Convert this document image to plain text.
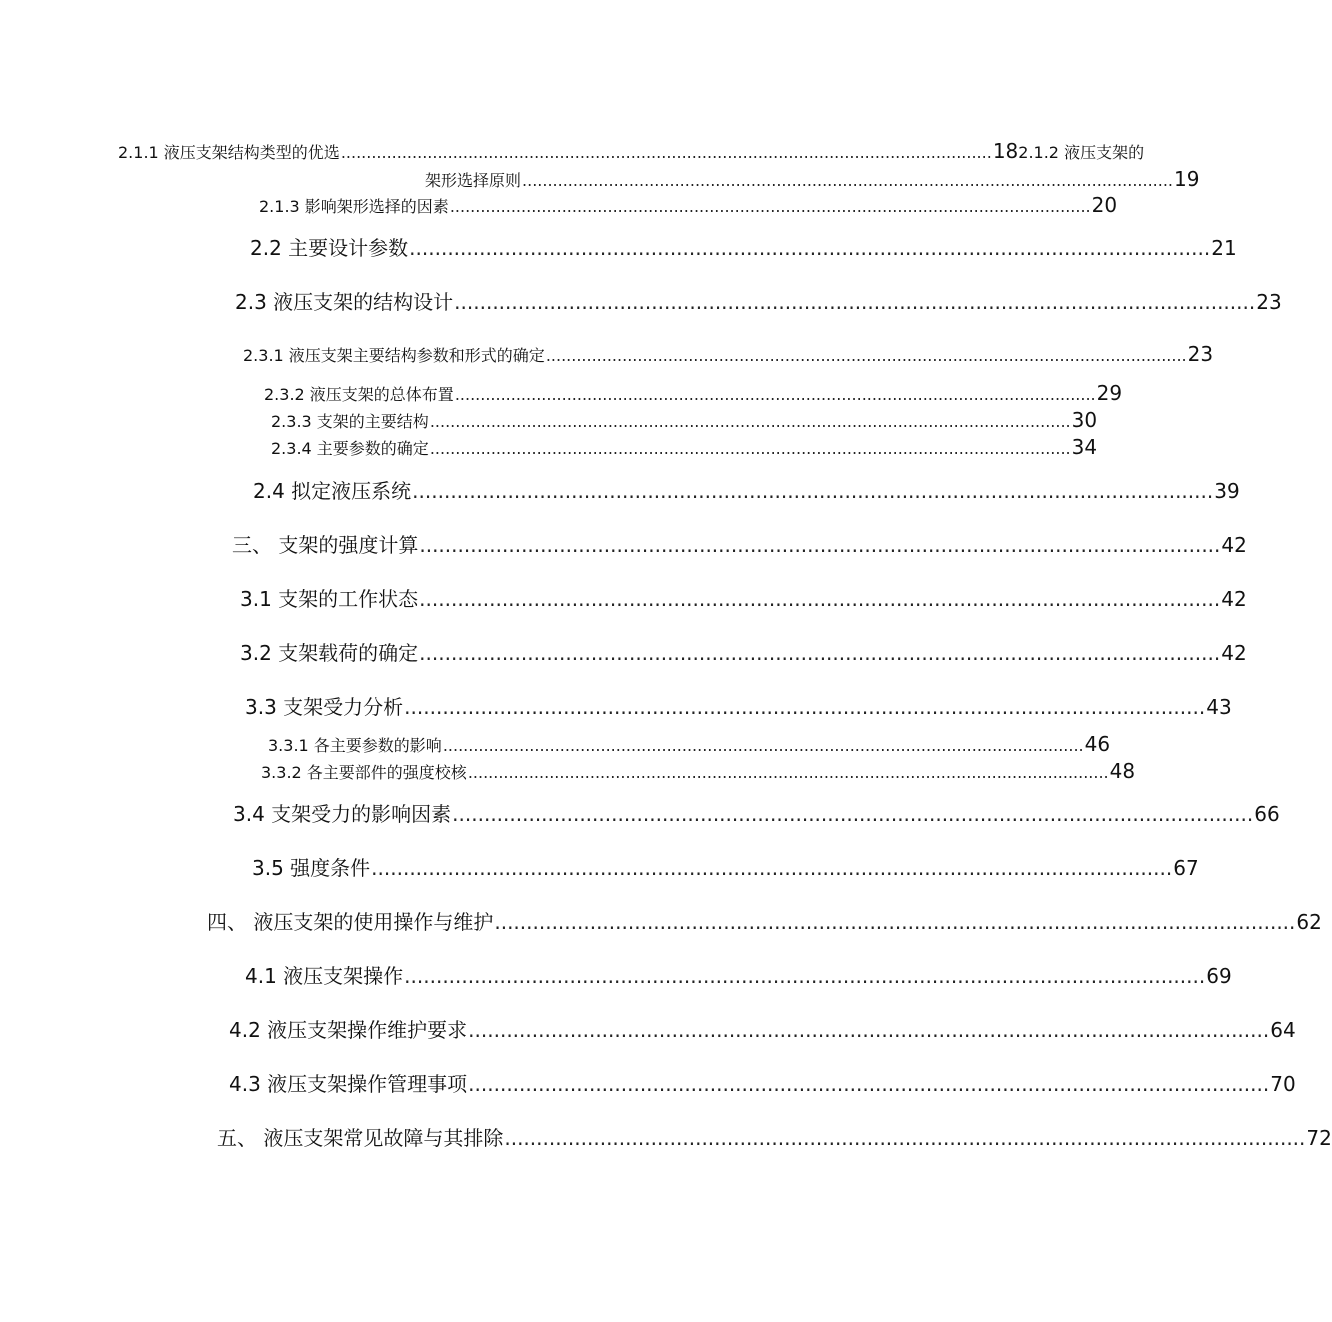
2.1.1 液压支架结构类型的优选 ................................................................................................................................ 18 2.1.2 液压支架的
架形选择原则 ................................................................................................................................ 19
2.1.3 影响架形选择的因素 .............................................................................................................................. 20
2.2 主要设计参数 .............................................................................................................................. 21
2.3 液压支架的结构设计 .............................................................................................................................. 23
2.3.1 液压支架主要结构参数和形式的确定 .............................................................................................................................. 23
2.3.2 液压支架的总体布置 .............................................................................................................................. 29
2.3.3 支架的主要结构 .............................................................................................................................. 30
2.3.4 主要参数的确定 .............................................................................................................................. 34
2.4 拟定液压系统 .............................................................................................................................. 39
三、 支架的强度计算 .............................................................................................................................. 42
3.1 支架的工作状态 .............................................................................................................................. 42
3.2 支架载荷的确定 .............................................................................................................................. 42
3.3 支架受力分析 .............................................................................................................................. 43
3.3.1 各主要参数的影响 .............................................................................................................................. 46
3.3.2 各主要部件的强度校核 .............................................................................................................................. 48
3.4 支架受力的影响因素 .............................................................................................................................. 66
3.5 强度条件 .............................................................................................................................. 67
四、 液压支架的使用操作与维护 .............................................................................................................................. 62
4.1 液压支架操作 .............................................................................................................................. 69
4.2 液压支架操作维护要求 .............................................................................................................................. 64
4.3 液压支架操作管理事项 .............................................................................................................................. 70
五、 液压支架常见故障与其排除 .............................................................................................................................. 72
